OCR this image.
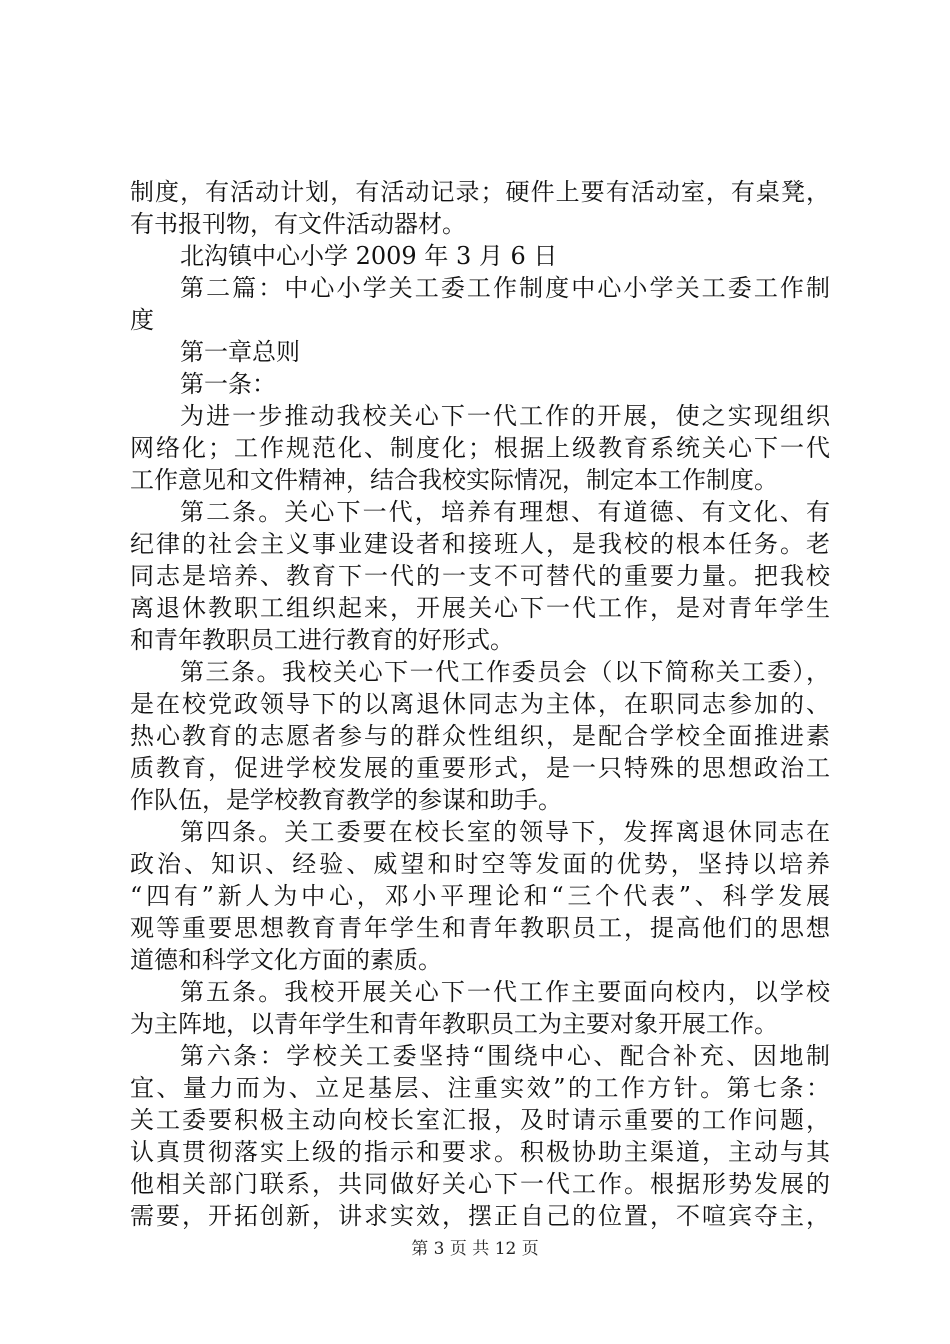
制度，有活动计划，有活动记录；硬件上要有活动室，有桌凳，
有书报刊物，有文件活动器材。
北沟镇中心小学 2009 年 3 月 6 日
第二篇：中心小学关工委工作制度中心小学关工委工作制
度
第一章总则
第一条：
为进一步推动我校关心下一代工作的开展，使之实现组织
网络化；工作规范化、制度化；根据上级教育系统关心下一代
工作意见和文件精神，结合我校实际情况，制定本工作制度。
第二条。关心下一代，培养有理想、有道德、有文化、有
纪律的社会主义事业建设者和接班人，是我校的根本任务。老
同志是培养、教育下一代的一支不可替代的重要力量。把我校
离退休教职工组织起来，开展关心下一代工作，是对青年学生
和青年教职员工进行教育的好形式。
第三条。我校关心下一代工作委员会（以下简称关工委），
是在校党政领导下的以离退休同志为主体，在职同志参加的、
热心教育的志愿者参与的群众性组织，是配合学校全面推进素
质教育，促进学校发展的重要形式，是一只特殊的思想政治工
作队伍，是学校教育教学的参谋和助手。
第四条。关工委要在校长室的领导下，发挥离退休同志在
政治、知识、经验、威望和时空等发面的优势，坚持以培养
“四有”新人为中心，邓小平理论和“三个代表”、科学发展
观等重要思想教育青年学生和青年教职员工，提高他们的思想
道德和科学文化方面的素质。
第五条。我校开展关心下一代工作主要面向校内，以学校
为主阵地，以青年学生和青年教职员工为主要对象开展工作。
第六条：学校关工委坚持“围绕中心、配合补充、因地制
宜、量力而为、立足基层、注重实效”的工作方针。第七条：
关工委要积极主动向校长室汇报，及时请示重要的工作问题，
认真贯彻落实上级的指示和要求。积极协助主渠道，主动与其
他相关部门联系，共同做好关心下一代工作。根据形势发展的
需要，开拓创新，讲求实效，摆正自己的位置，不喧宾夺主，
第 3 页 共 12 页
